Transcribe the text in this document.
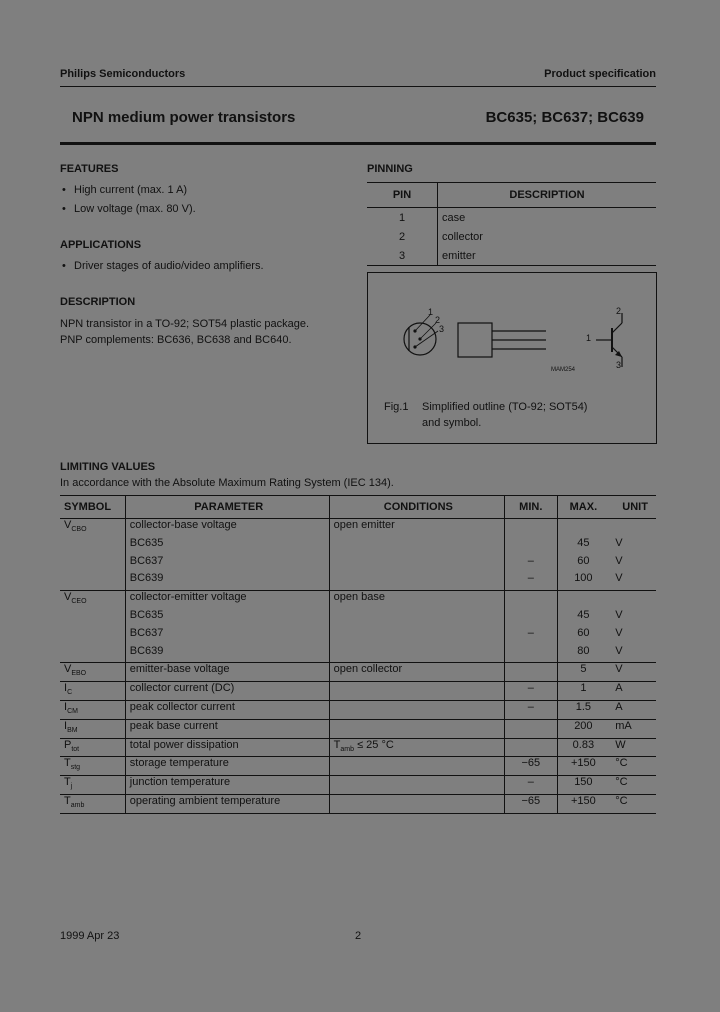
Philips Semiconductors	Product specification
NPN medium power transistors	BC635; BC637; BC639
FEATURES
• High current (max. 1 A)
• Low voltage (max. 80 V).
APPLICATIONS
• Driver stages of audio/video amplifiers.
DESCRIPTION
NPN transistor in a TO-92; SOT54 plastic package.
PNP complements: BC636, BC638 and BC640.
PINNING
PIN	DESCRIPTION
1	case
2	collector
3	emitter
1
2
3
1
2
3
MAM254
Fig.1 Simplified outline (TO-92; SOT54)
and symbol.
LIMITING VALUES
In accordance with the Absolute Maximum Rating System (IEC 134).
SYMBOL	PARAMETER	CONDITIONS	MIN.	MAX.	UNIT
$V_{CBO}$	collector-base voltage	open emitter			
	BC635			45	V
	BC637		–	60	V
	BC639		–	100	V
$V_{CEO}$	collector-emitter voltage	open base			
	BC635			45	V
	BC637		–	60	V
	BC639			80	V
$V_{EBO}$	emitter-base voltage	open collector		5	V
$I_C$	collector current (DC)		–	1	A
$I_{CM}$	peak collector current		–	1.5	A
$I_{BM}$	peak base current			200	mA
$P_{tot}$	total power dissipation	$T_{amb} \le 25$ °C		0.83	W
$T_{stg}$	storage temperature		−65	+150	°C
$T_j$	junction temperature		–	150	°C
$T_{amb}$	operating ambient temperature		−65	+150	°C
1999 Apr 23	2
